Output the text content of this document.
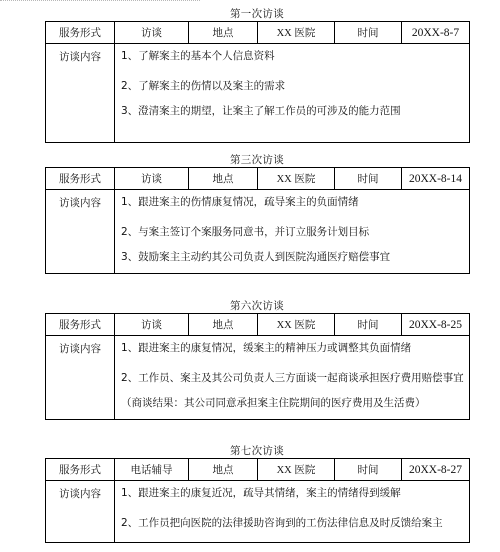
第一次访谈
服务形式	访谈	地点	XX 医院	时间	20XX-8-7
访谈内容	1、了解案主的基本个人信息资料

2、了解案主的伤情以及案主的需求

3、澄清案主的期望，让案主了解工作员的可涉及的能力范围				

第三次访谈
服务形式	访谈	地点	XX 医院	时间	20XX-8-14
访谈内容	1、跟进案主的伤情康复情况，疏导案主的负面情绪

2、与案主签订个案服务同意书，并订立服务计划目标

3、鼓励案主主动约其公司负责人到医院沟通医疗赔偿事宜				

第六次访谈
服务形式	访谈	地点	XX 医院	时间	20XX-8-25
访谈内容	1、跟进案主的康复情况，缓案主的精神压力或调整其负面情绪

2、工作员、案主及其公司负责人三方面谈一起商谈承担医疗费用赔偿事宜

（商谈结果：其公司同意承担案主住院期间的医疗费用及生活费）				

第七次访谈
服务形式	电话辅导	地点	XX 医院	时间	20XX-8-27
访谈内容	1、跟进案主的康复近况，疏导其情绪，案主的情绪得到缓解

2、工作员把向医院的法律援助咨询到的工伤法律信息及时反馈给案主				
